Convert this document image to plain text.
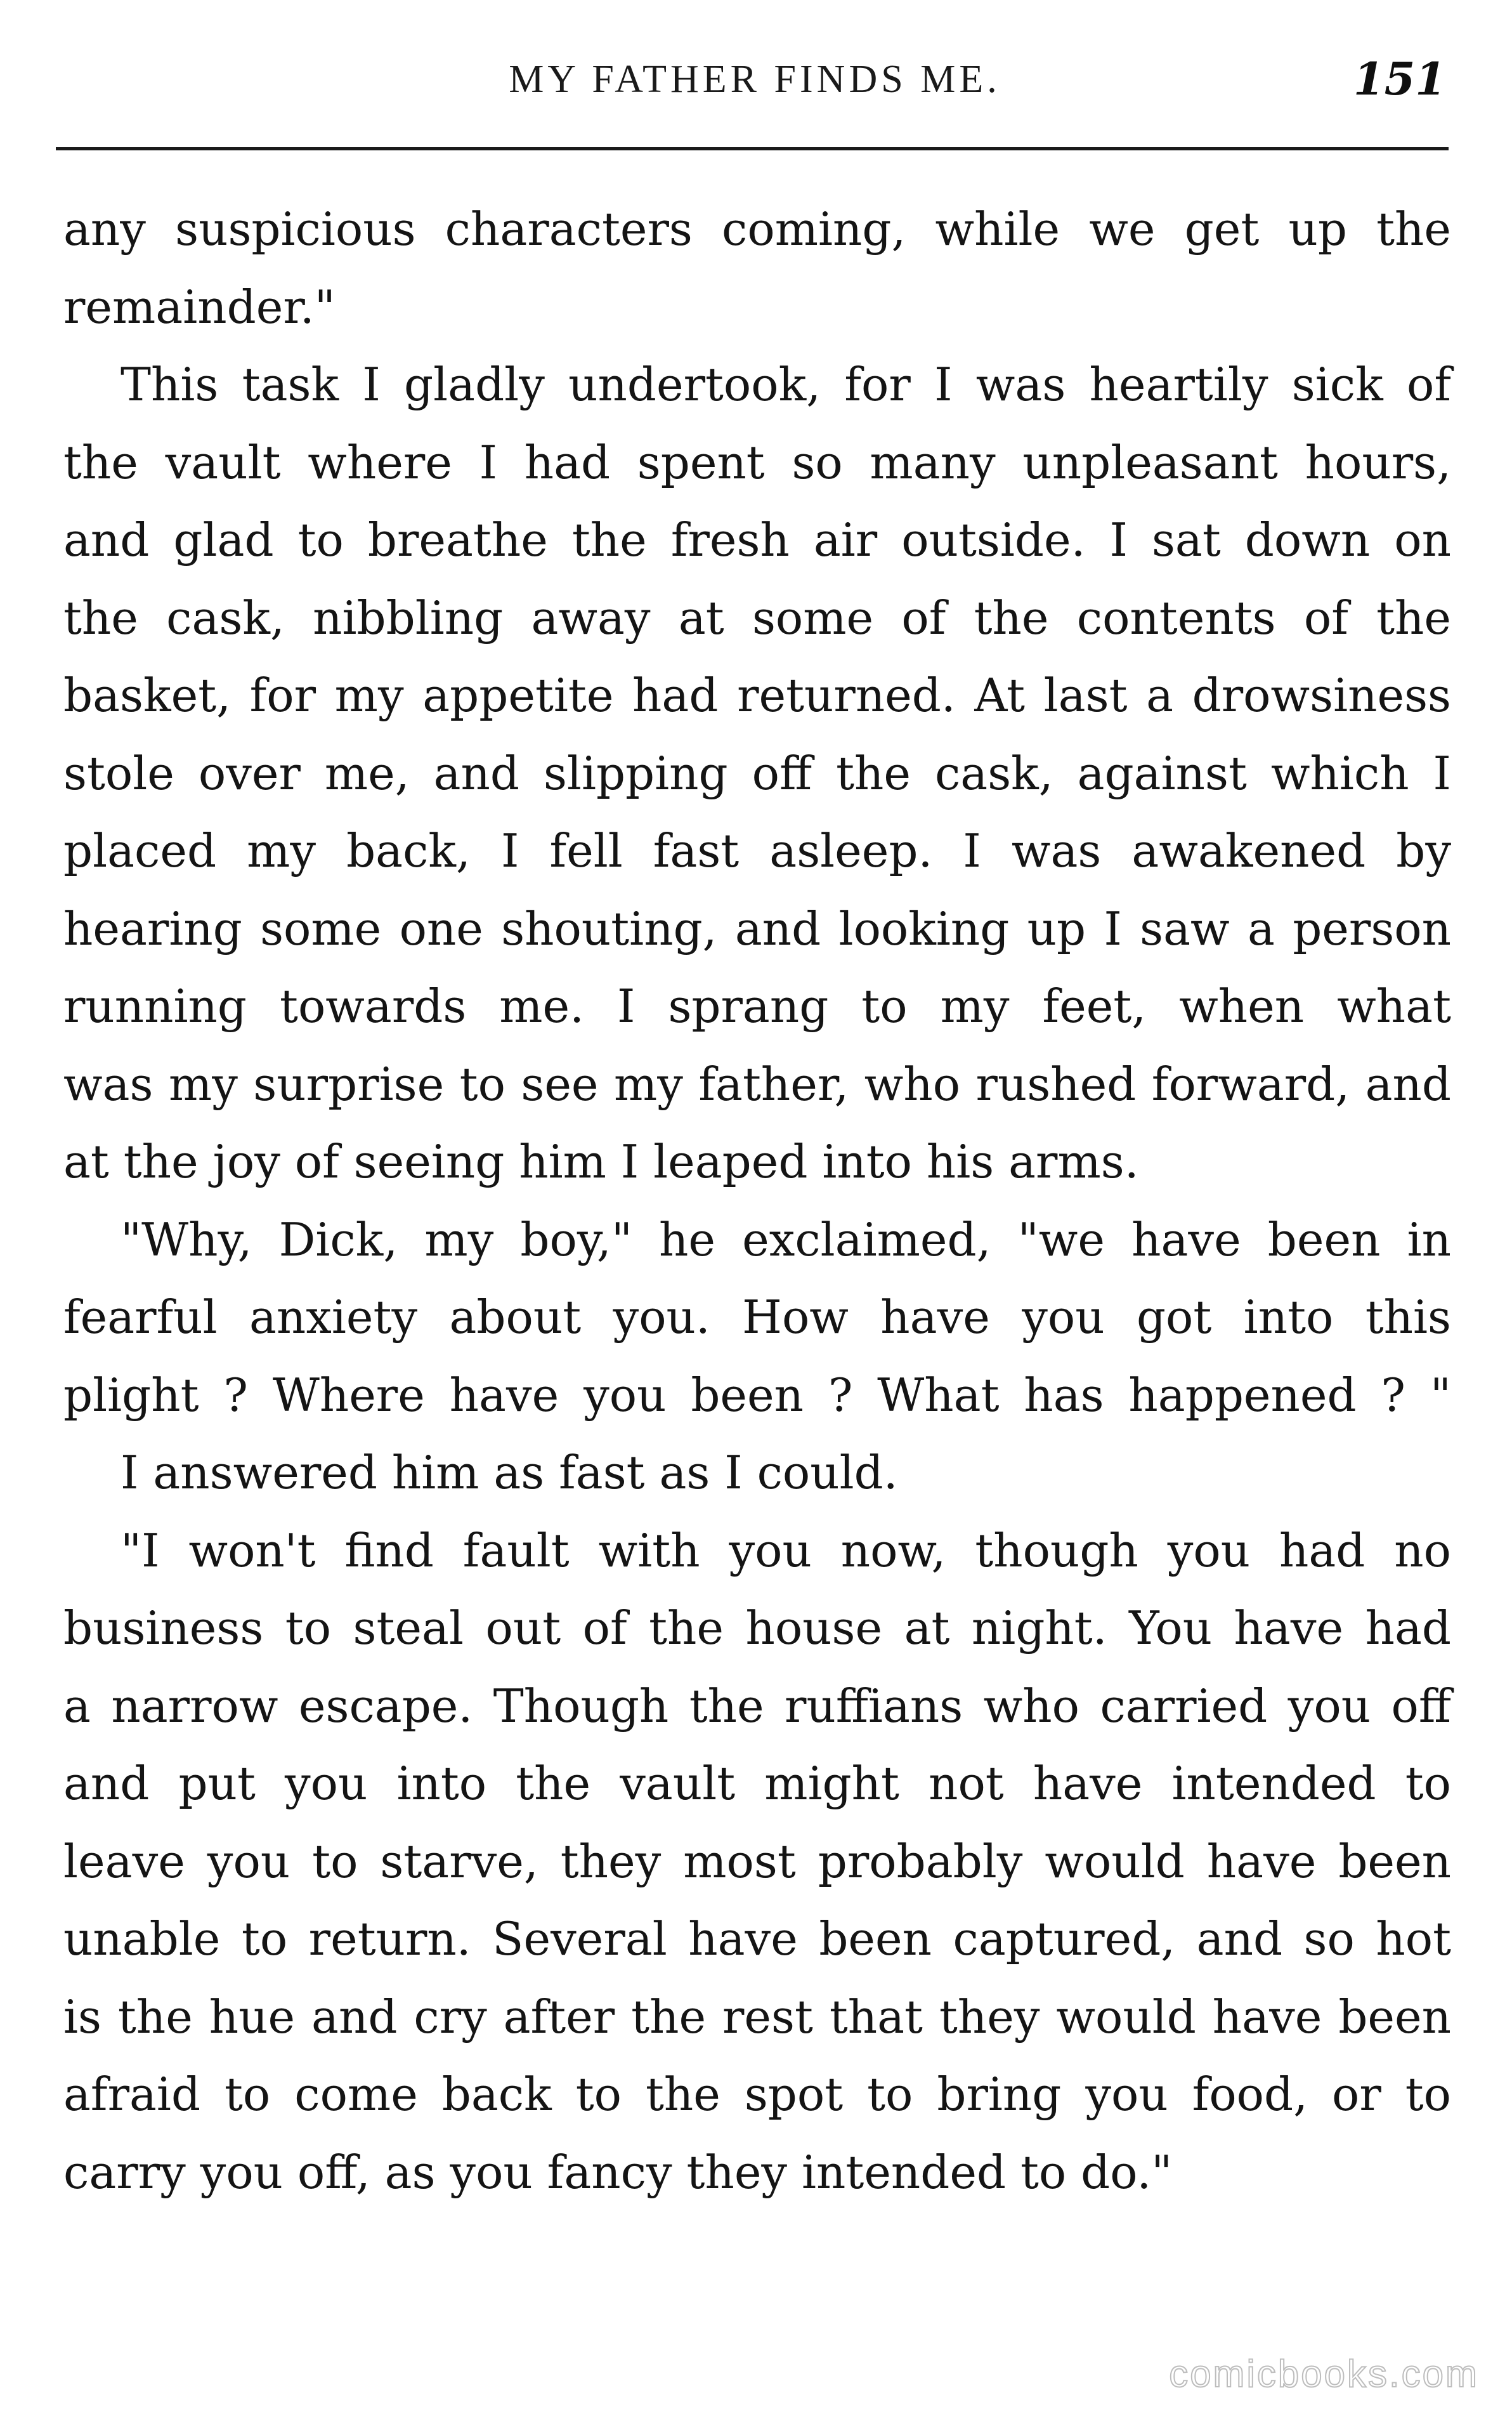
MY FATHER FINDS ME.	151
any suspicious characters coming, while we get up the
remainder."
This task I gladly undertook, for I was heartily sick of
the vault where I had spent so many unpleasant hours,
and glad to breathe the fresh air outside. I sat down on
the cask, nibbling away at some of the contents of the
basket, for my appetite had returned. At last a drowsiness
stole over me, and slipping off the cask, against which I
placed my back, I fell fast asleep. I was awakened by
hearing some one shouting, and looking up I saw a person
running towards me. I sprang to my feet, when what
was my surprise to see my father, who rushed forward, and
at the joy of seeing him I leaped into his arms.
"Why, Dick, my boy," he exclaimed, "we have been in
fearful anxiety about you. How have you got into this
plight ? Where have you been ? What has happened ? "
I answered him as fast as I could.
"I won't find fault with you now, though you had no
business to steal out of the house at night. You have had
a narrow escape. Though the ruffians who carried you off
and put you into the vault might not have intended to
leave you to starve, they most probably would have been
unable to return. Several have been captured, and so hot
is the hue and cry after the rest that they would have been
afraid to come back to the spot to bring you food, or to
carry you off, as you fancy they intended to do."
comicbooks.com
